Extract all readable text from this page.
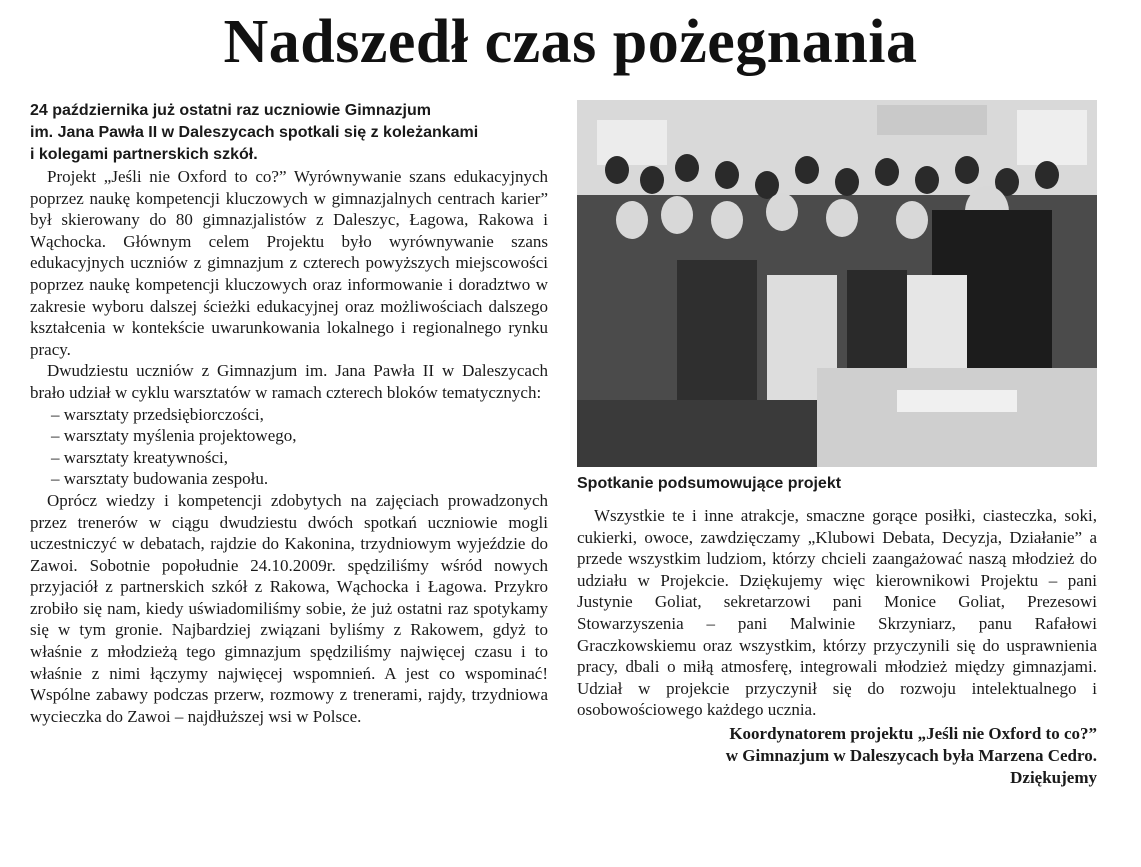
Nadszedł czas pożegnania
24 października już ostatni raz uczniowie Gimnazjum
im. Jana Pawła II w Daleszycach spotkali się z koleżankami
i kolegami partnerskich szkół.

Projekt „Jeśli nie Oxford to co?” Wyrównywanie szans edukacyjnych poprzez naukę kompetencji kluczowych w gimnazjalnych centrach karier” był skierowany do 80 gimnazjalistów z Daleszyc, Łagowa, Rakowa i Wąchocka. Głównym celem Projektu było wyrównywanie szans edukacyjnych uczniów z gimnazjum z czterech powyższych miejscowości poprzez naukę kompetencji kluczowych oraz informowanie i doradztwo w zakresie wyboru dalszej ścieżki edukacyjnej oraz możliwościach dalszego kształcenia w kontekście uwarunkowania lokalnego i regionalnego rynku pracy.

Dwudziestu uczniów z Gimnazjum im. Jana Pawła II w Daleszycach brało udział w cyklu warsztatów w ramach czterech bloków tematycznych:

– warsztaty przedsiębiorczości,
– warsztaty myślenia projektowego,
– warsztaty kreatywności,
– warsztaty budowania zespołu.

Oprócz wiedzy i kompetencji zdobytych na zajęciach prowadzonych przez trenerów w ciągu dwudziestu dwóch spotkań uczniowie mogli uczestniczyć w debatach, rajdzie do Kakonina, trzydniowym wyjeździe do Zawoi. Sobotnie popołudnie 24.10.2009r. spędziliśmy wśród nowych przyjaciół z partnerskich szkół z Rakowa, Wąchocka i Łagowa. Przykro zrobiło się nam, kiedy uświadomiliśmy sobie, że już ostatni raz spotykamy się w tym gronie. Najbardziej związani byliśmy z Rakowem, gdyż to właśnie z młodzieżą tego gimnazjum spędziliśmy najwięcej czasu i to właśnie z nimi łączymy najwięcej wspomnień. A jest co wspominać! Wspólne zabawy podczas przerw, rozmowy z trenerami, rajdy, trzydniowa wycieczka do Zawoi – najdłuższej wsi w Polsce.

Spotkanie podsumowujące projekt

Wszystkie te i inne atrakcje, smaczne gorące posiłki, ciasteczka, soki, cukierki, owoce, zawdzięczamy „Klubowi Debata, Decyzja, Działanie” a przede wszystkim ludziom, którzy chcieli zaangażować naszą młodzież do udziału w Projekcie. Dziękujemy więc kierownikowi Projektu – pani Justynie Goliat, sekretarzowi pani Monice Goliat, Prezesowi Stowarzyszenia – pani Malwinie Skrzyniarz, panu Rafałowi Graczkowskiemu oraz wszystkim, którzy przyczynili się do usprawnienia pracy, dbali o miłą atmosferę, integrowali młodzież między gimnazjami. Udział w projekcie przyczynił się do rozwoju intelektualnego i osobowościowego każdego ucznia.

Koordynatorem projektu „Jeśli nie Oxford to co?”
w Gimnazjum w Daleszycach była Marzena Cedro.
Dziękujemy
